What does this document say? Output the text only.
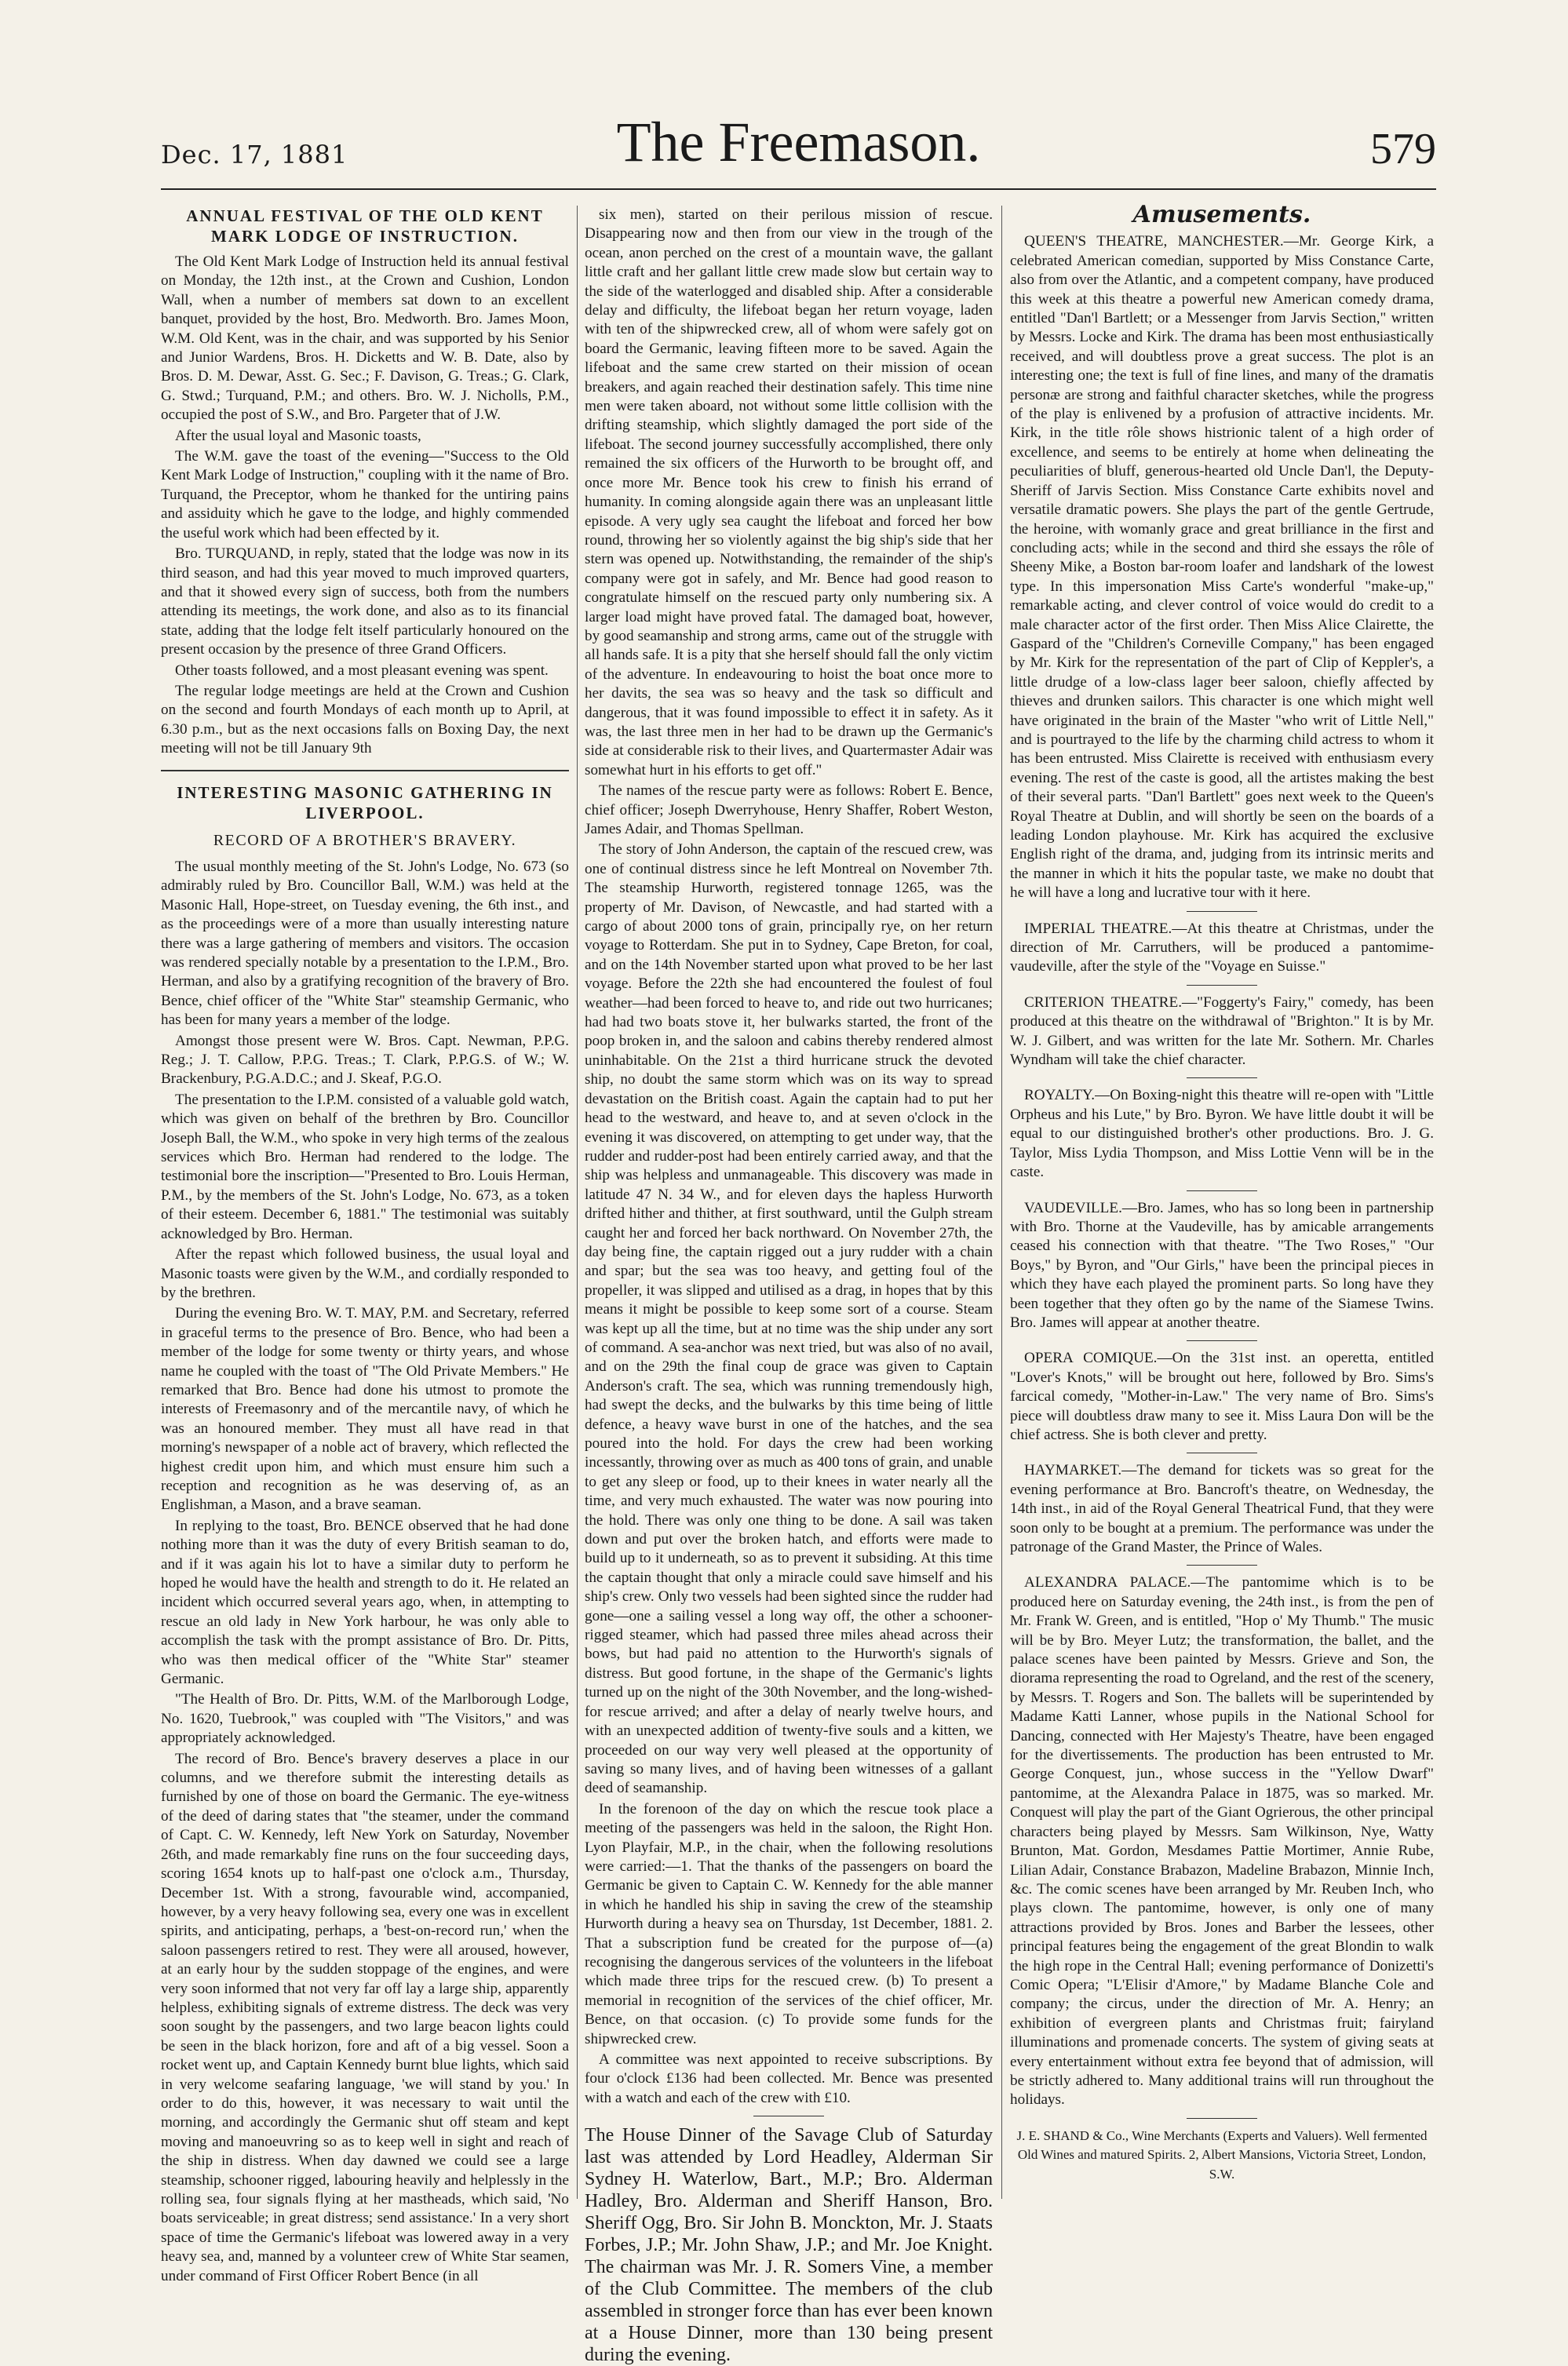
Dec. 17, 1881	The Freemason.	579
ANNUAL FESTIVAL OF THE OLD KENT MARK LODGE OF INSTRUCTION.

The Old Kent Mark Lodge of Instruction held its annual festival on Monday, the 12th inst., at the Crown and Cushion, London Wall, when a number of members sat down to an excellent banquet, provided by the host, Bro. Medworth. Bro. James Moon, W.M. Old Kent, was in the chair, and was supported by his Senior and Junior Wardens, Bros. H. Dicketts and W. B. Date, also by Bros. D. M. Dewar, Asst. G. Sec.; F. Davison, G. Treas.; G. Clark, G. Stwd.; Turquand, P.M.; and others. Bro. W. J. Nicholls, P.M., occupied the post of S.W., and Bro. Pargeter that of J.W.

After the usual loyal and Masonic toasts,

The W.M. gave the toast of the evening—"Success to the Old Kent Mark Lodge of Instruction," coupling with it the name of Bro. Turquand, the Preceptor, whom he thanked for the untiring pains and assiduity which he gave to the lodge, and highly commended the useful work which had been effected by it.

Bro. TURQUAND, in reply, stated that the lodge was now in its third season, and had this year moved to much improved quarters, and that it showed every sign of success, both from the numbers attending its meetings, the work done, and also as to its financial state, adding that the lodge felt itself particularly honoured on the present occasion by the presence of three Grand Officers.

Other toasts followed, and a most pleasant evening was spent.

The regular lodge meetings are held at the Crown and Cushion on the second and fourth Mondays of each month up to April, at 6.30 p.m., but as the next occasions falls on Boxing Day, the next meeting will not be till January 9th

INTERESTING MASONIC GATHERING IN LIVERPOOL.
RECORD OF A BROTHER'S BRAVERY.

The usual monthly meeting of the St. John's Lodge, No. 673 (so admirably ruled by Bro. Councillor Ball, W.M.) was held at the Masonic Hall, Hope-street, on Tuesday evening, the 6th inst., and as the proceedings were of a more than usually interesting nature there was a large gathering of members and visitors. The occasion was rendered specially notable by a presentation to the I.P.M., Bro. Herman, and also by a gratifying recognition of the bravery of Bro. Bence, chief officer of the "White Star" steamship Germanic, who has been for many years a member of the lodge.

Amongst those present were W. Bros. Capt. Newman, P.P.G. Reg.; J. T. Callow, P.P.G. Treas.; T. Clark, P.P.G.S. of W.; W. Brackenbury, P.G.A.D.C.; and J. Skeaf, P.G.O.

The presentation to the I.P.M. consisted of a valuable gold watch, which was given on behalf of the brethren by Bro. Councillor Joseph Ball, the W.M., who spoke in very high terms of the zealous services which Bro. Herman had rendered to the lodge. The testimonial bore the inscription—"Presented to Bro. Louis Herman, P.M., by the members of the St. John's Lodge, No. 673, as a token of their esteem. December 6, 1881." The testimonial was suitably acknowledged by Bro. Herman.

After the repast which followed business, the usual loyal and Masonic toasts were given by the W.M., and cordially responded to by the brethren.

During the evening Bro. W. T. MAY, P.M. and Secretary, referred in graceful terms to the presence of Bro. Bence, who had been a member of the lodge for some twenty or thirty years, and whose name he coupled with the toast of "The Old Private Members." He remarked that Bro. Bence had done his utmost to promote the interests of Freemasonry and of the mercantile navy, of which he was an honoured member. They must all have read in that morning's newspaper of a noble act of bravery, which reflected the highest credit upon him, and which must ensure him such a reception and recognition as he was deserving of, as an Englishman, a Mason, and a brave seaman.

In replying to the toast, Bro. BENCE observed that he had done nothing more than it was the duty of every British seaman to do, and if it was again his lot to have a similar duty to perform he hoped he would have the health and strength to do it. He related an incident which occurred several years ago, when, in attempting to rescue an old lady in New York harbour, he was only able to accomplish the task with the prompt assistance of Bro. Dr. Pitts, who was then medical officer of the "White Star" steamer Germanic.

"The Health of Bro. Dr. Pitts, W.M. of the Marlborough Lodge, No. 1620, Tuebrook," was coupled with "The Visitors," and was appropriately acknowledged.

The record of Bro. Bence's bravery deserves a place in our columns, and we therefore submit the interesting details as furnished by one of those on board the Germanic. The eye-witness of the deed of daring states that "the steamer, under the command of Capt. C. W. Kennedy, left New York on Saturday, November 26th, and made remarkably fine runs on the four succeeding days, scoring 1654 knots up to half-past one o'clock a.m., Thursday, December 1st. With a strong, favourable wind, accompanied, however, by a very heavy following sea, every one was in excellent spirits, and anticipating, perhaps, a 'best-on-record run,' when the saloon passengers retired to rest. They were all aroused, however, at an early hour by the sudden stoppage of the engines, and were very soon informed that not very far off lay a large ship, apparently helpless, exhibiting signals of extreme distress. The deck was very soon sought by the passengers, and two large beacon lights could be seen in the black horizon, fore and aft of a big vessel. Soon a rocket went up, and Captain Kennedy burnt blue lights, which said in very welcome seafaring language, 'we will stand by you.' In order to do this, however, it was necessary to wait until the morning, and accordingly the Germanic shut off steam and kept moving and manoeuvring so as to keep well in sight and reach of the ship in distress. When day dawned we could see a large steamship, schooner rigged, labouring heavily and helplessly in the rolling sea, four signals flying at her mastheads, which said, 'No boats serviceable; in great distress; send assistance.' In a very short space of time the Germanic's lifeboat was lowered away in a very heavy sea, and, manned by a volunteer crew of White Star seamen, under command of First Officer Robert Bence (in all

six men), started on their perilous mission of rescue. Disappearing now and then from our view in the trough of the ocean, anon perched on the crest of a mountain wave, the gallant little craft and her gallant little crew made slow but certain way to the side of the waterlogged and disabled ship. After a considerable delay and difficulty, the lifeboat began her return voyage, laden with ten of the shipwrecked crew, all of whom were safely got on board the Germanic, leaving fifteen more to be saved. Again the lifeboat and the same crew started on their mission of ocean breakers, and again reached their destination safely. This time nine men were taken aboard, not without some little collision with the drifting steamship, which slightly damaged the port side of the lifeboat. The second journey successfully accomplished, there only remained the six officers of the Hurworth to be brought off, and once more Mr. Bence took his crew to finish his errand of humanity. In coming alongside again there was an unpleasant little episode. A very ugly sea caught the lifeboat and forced her bow round, throwing her so violently against the big ship's side that her stern was opened up. Notwithstanding, the remainder of the ship's company were got in safely, and Mr. Bence had good reason to congratulate himself on the rescued party only numbering six. A larger load might have proved fatal. The damaged boat, however, by good seamanship and strong arms, came out of the struggle with all hands safe. It is a pity that she herself should fall the only victim of the adventure. In endeavouring to hoist the boat once more to her davits, the sea was so heavy and the task so difficult and dangerous, that it was found impossible to effect it in safety. As it was, the last three men in her had to be drawn up the Germanic's side at considerable risk to their lives, and Quartermaster Adair was somewhat hurt in his efforts to get off."

The names of the rescue party were as follows: Robert E. Bence, chief officer; Joseph Dwerryhouse, Henry Shaffer, Robert Weston, James Adair, and Thomas Spellman.

The story of John Anderson, the captain of the rescued crew, was one of continual distress since he left Montreal on November 7th. The steamship Hurworth, registered tonnage 1265, was the property of Mr. Davison, of Newcastle, and had started with a cargo of about 2000 tons of grain, principally rye, on her return voyage to Rotterdam. She put in to Sydney, Cape Breton, for coal, and on the 14th November started upon what proved to be her last voyage. Before the 22th she had encountered the foulest of foul weather—had been forced to heave to, and ride out two hurricanes; had had two boats stove it, her bulwarks started, the front of the poop broken in, and the saloon and cabins thereby rendered almost uninhabitable. On the 21st a third hurricane struck the devoted ship, no doubt the same storm which was on its way to spread devastation on the British coast. Again the captain had to put her head to the westward, and heave to, and at seven o'clock in the evening it was discovered, on attempting to get under way, that the rudder and rudder-post had been entirely carried away, and that the ship was helpless and unmanageable. This discovery was made in latitude 47 N. 34 W., and for eleven days the hapless Hurworth drifted hither and thither, at first southward, until the Gulph stream caught her and forced her back northward. On November 27th, the day being fine, the captain rigged out a jury rudder with a chain and spar; but the sea was too heavy, and getting foul of the propeller, it was slipped and utilised as a drag, in hopes that by this means it might be possible to keep some sort of a course. Steam was kept up all the time, but at no time was the ship under any sort of command. A sea-anchor was next tried, but was also of no avail, and on the 29th the final coup de grace was given to Captain Anderson's craft. The sea, which was running tremendously high, had swept the decks, and the bulwarks by this time being of little defence, a heavy wave burst in one of the hatches, and the sea poured into the hold. For days the crew had been working incessantly, throwing over as much as 400 tons of grain, and unable to get any sleep or food, up to their knees in water nearly all the time, and very much exhausted. The water was now pouring into the hold. There was only one thing to be done. A sail was taken down and put over the broken hatch, and efforts were made to build up to it underneath, so as to prevent it subsiding. At this time the captain thought that only a miracle could save himself and his ship's crew. Only two vessels had been sighted since the rudder had gone—one a sailing vessel a long way off, the other a schooner-rigged steamer, which had passed three miles ahead across their bows, but had paid no attention to the Hurworth's signals of distress. But good fortune, in the shape of the Germanic's lights turned up on the night of the 30th November, and the long-wished-for rescue arrived; and after a delay of nearly twelve hours, and with an unexpected addition of twenty-five souls and a kitten, we proceeded on our way very well pleased at the opportunity of saving so many lives, and of having been witnesses of a gallant deed of seamanship.

In the forenoon of the day on which the rescue took place a meeting of the passengers was held in the saloon, the Right Hon. Lyon Playfair, M.P., in the chair, when the following resolutions were carried:—1. That the thanks of the passengers on board the Germanic be given to Captain C. W. Kennedy for the able manner in which he handled his ship in saving the crew of the steamship Hurworth during a heavy sea on Thursday, 1st December, 1881. 2. That a subscription fund be created for the purpose of—(a) recognising the dangerous services of the volunteers in the lifeboat which made three trips for the rescued crew. (b) To present a memorial in recognition of the services of the chief officer, Mr. Bence, on that occasion. (c) To provide some funds for the shipwrecked crew.

A committee was next appointed to receive subscriptions. By four o'clock £136 had been collected. Mr. Bence was presented with a watch and each of the crew with £10.

The House Dinner of the Savage Club of Saturday last was attended by Lord Headley, Alderman Sir Sydney H. Waterlow, Bart., M.P.; Bro. Alderman Hadley, Bro. Alderman and Sheriff Hanson, Bro. Sheriff Ogg, Bro. Sir John B. Monckton, Mr. J. Staats Forbes, J.P.; Mr. John Shaw, J.P.; and Mr. Joe Knight. The chairman was Mr. J. R. Somers Vine, a member of the Club Committee. The members of the club assembled in stronger force than has ever been known at a House Dinner, more than 130 being present during the evening.

Amusements.

QUEEN'S THEATRE, MANCHESTER.—Mr. George Kirk, a celebrated American comedian, supported by Miss Constance Carte, also from over the Atlantic, and a competent company, have produced this week at this theatre a powerful new American comedy drama, entitled "Dan'l Bartlett; or a Messenger from Jarvis Section," written by Messrs. Locke and Kirk. The drama has been most enthusiastically received, and will doubtless prove a great success. The plot is an interesting one; the text is full of fine lines, and many of the dramatis personæ are strong and faithful character sketches, while the progress of the play is enlivened by a profusion of attractive incidents. Mr. Kirk, in the title rôle shows histrionic talent of a high order of excellence, and seems to be entirely at home when delineating the peculiarities of bluff, generous-hearted old Uncle Dan'l, the Deputy-Sheriff of Jarvis Section. Miss Constance Carte exhibits novel and versatile dramatic powers. She plays the part of the gentle Gertrude, the heroine, with womanly grace and great brilliance in the first and concluding acts; while in the second and third she essays the rôle of Sheeny Mike, a Boston bar-room loafer and landshark of the lowest type. In this impersonation Miss Carte's wonderful "make-up," remarkable acting, and clever control of voice would do credit to a male character actor of the first order. Then Miss Alice Clairette, the Gaspard of the "Children's Corneville Company," has been engaged by Mr. Kirk for the representation of the part of Clip of Keppler's, a little drudge of a low-class lager beer saloon, chiefly affected by thieves and drunken sailors. This character is one which might well have originated in the brain of the Master "who writ of Little Nell," and is pourtrayed to the life by the charming child actress to whom it has been entrusted. Miss Clairette is received with enthusiasm every evening. The rest of the caste is good, all the artistes making the best of their several parts. "Dan'l Bartlett" goes next week to the Queen's Royal Theatre at Dublin, and will shortly be seen on the boards of a leading London playhouse. Mr. Kirk has acquired the exclusive English right of the drama, and, judging from its intrinsic merits and the manner in which it hits the popular taste, we make no doubt that he will have a long and lucrative tour with it here.

IMPERIAL THEATRE.—At this theatre at Christmas, under the direction of Mr. Carruthers, will be produced a pantomime-vaudeville, after the style of the "Voyage en Suisse."

CRITERION THEATRE.—"Foggerty's Fairy," comedy, has been produced at this theatre on the withdrawal of "Brighton." It is by Mr. W. J. Gilbert, and was written for the late Mr. Sothern. Mr. Charles Wyndham will take the chief character.

ROYALTY.—On Boxing-night this theatre will re-open with "Little Orpheus and his Lute," by Bro. Byron. We have little doubt it will be equal to our distinguished brother's other productions. Bro. J. G. Taylor, Miss Lydia Thompson, and Miss Lottie Venn will be in the caste.

VAUDEVILLE.—Bro. James, who has so long been in partnership with Bro. Thorne at the Vaudeville, has by amicable arrangements ceased his connection with that theatre. "The Two Roses," "Our Boys," by Byron, and "Our Girls," have been the principal pieces in which they have each played the prominent parts. So long have they been together that they often go by the name of the Siamese Twins. Bro. James will appear at another theatre.

OPERA COMIQUE.—On the 31st inst. an operetta, entitled "Lover's Knots," will be brought out here, followed by Bro. Sims's farcical comedy, "Mother-in-Law." The very name of Bro. Sims's piece will doubtless draw many to see it. Miss Laura Don will be the chief actress. She is both clever and pretty.

HAYMARKET.—The demand for tickets was so great for the evening performance at Bro. Bancroft's theatre, on Wednesday, the 14th inst., in aid of the Royal General Theatrical Fund, that they were soon only to be bought at a premium. The performance was under the patronage of the Grand Master, the Prince of Wales.

ALEXANDRA PALACE.—The pantomime which is to be produced here on Saturday evening, the 24th inst., is from the pen of Mr. Frank W. Green, and is entitled, "Hop o' My Thumb." The music will be by Bro. Meyer Lutz; the transformation, the ballet, and the palace scenes have been painted by Messrs. Grieve and Son, the diorama representing the road to Ogreland, and the rest of the scenery, by Messrs. T. Rogers and Son. The ballets will be superintended by Madame Katti Lanner, whose pupils in the National School for Dancing, connected with Her Majesty's Theatre, have been engaged for the divertissements. The production has been entrusted to Mr. George Conquest, jun., whose success in the "Yellow Dwarf" pantomime, at the Alexandra Palace in 1875, was so marked. Mr. Conquest will play the part of the Giant Ogrierous, the other principal characters being played by Messrs. Sam Wilkinson, Nye, Watty Brunton, Mat. Gordon, Mesdames Pattie Mortimer, Annie Rube, Lilian Adair, Constance Brabazon, Madeline Brabazon, Minnie Inch, &c. The comic scenes have been arranged by Mr. Reuben Inch, who plays clown. The pantomime, however, is only one of many attractions provided by Bros. Jones and Barber the lessees, other principal features being the engagement of the great Blondin to walk the high rope in the Central Hall; evening performance of Donizetti's Comic Opera; "L'Elisir d'Amore," by Madame Blanche Cole and company; the circus, under the direction of Mr. A. Henry; an exhibition of evergreen plants and Christmas fruit; fairyland illuminations and promenade concerts. The system of giving seats at every entertainment without extra fee beyond that of admission, will be strictly adhered to. Many additional trains will run throughout the holidays.

J. E. SHAND & Co., Wine Merchants (Experts and Valuers). Well fermented Old Wines and matured Spirits. 2, Albert Mansions, Victoria Street, London, S.W.
